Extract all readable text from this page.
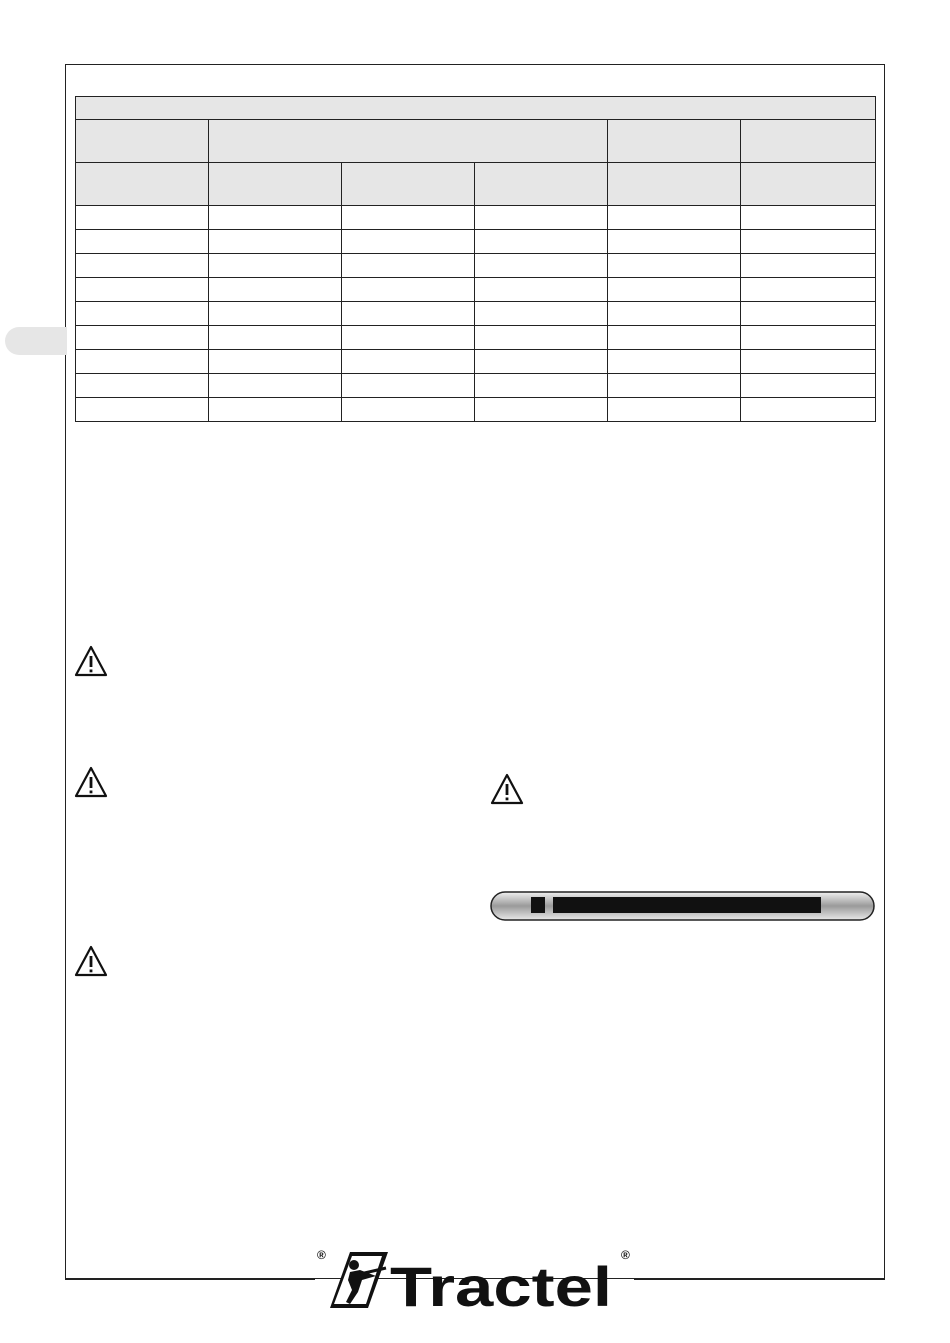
® Tractel ®
